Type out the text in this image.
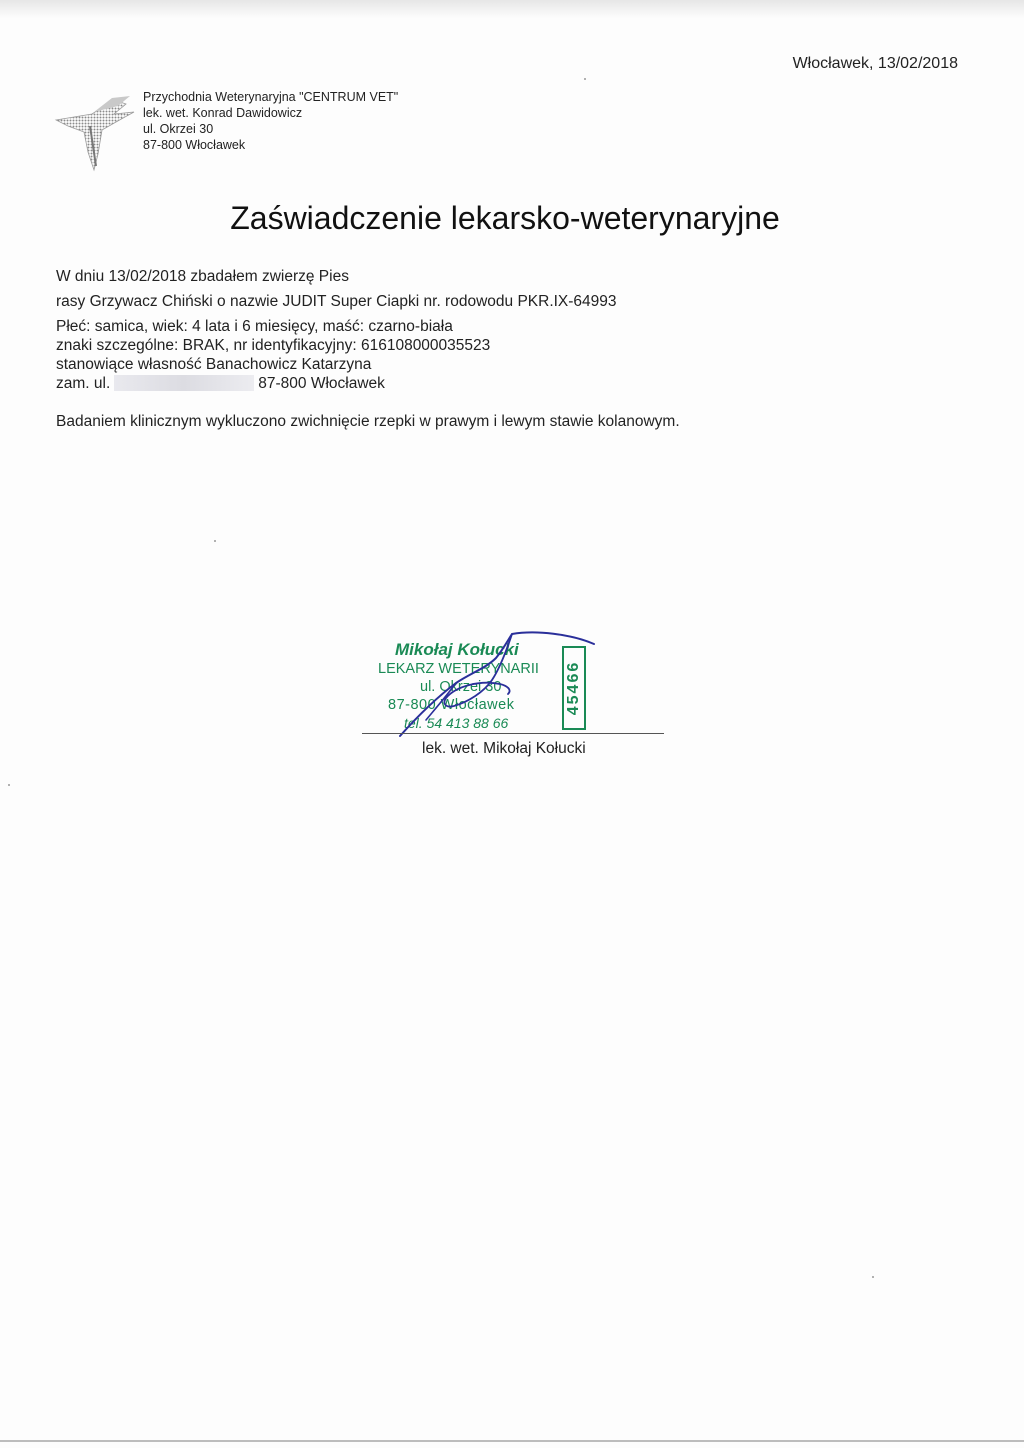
Włocławek, 13/02/2018
Przychodnia Weterynaryjna "CENTRUM VET"
lek. wet. Konrad Dawidowicz
ul. Okrzei 30
87-800 Włocławek
Zaświadczenie lekarsko-weterynaryjne
W dniu 13/02/2018 zbadałem zwierzę Pies
rasy Grzywacz Chiński o nazwie JUDIT Super Ciapki nr. rodowodu PKR.IX-64993
Płeć: samica, wiek: 4 lata i 6 miesięcy, maść: czarno-biała
znaki szczególne: BRAK, nr identyfikacyjny: 616108000035523
stanowiące własność Banachowicz Katarzyna
zam. ul.	87-800 Włocławek
Badaniem klinicznym wykluczono zwichnięcie rzepki w prawym i lewym stawie kolanowym.
Mikołaj Kołucki
LEKARZ WETERYNARII
ul. Okrzei 30
87-800 Włocławek
tel. 54 413 88 66
45466
lek. wet. Mikołaj Kołucki
